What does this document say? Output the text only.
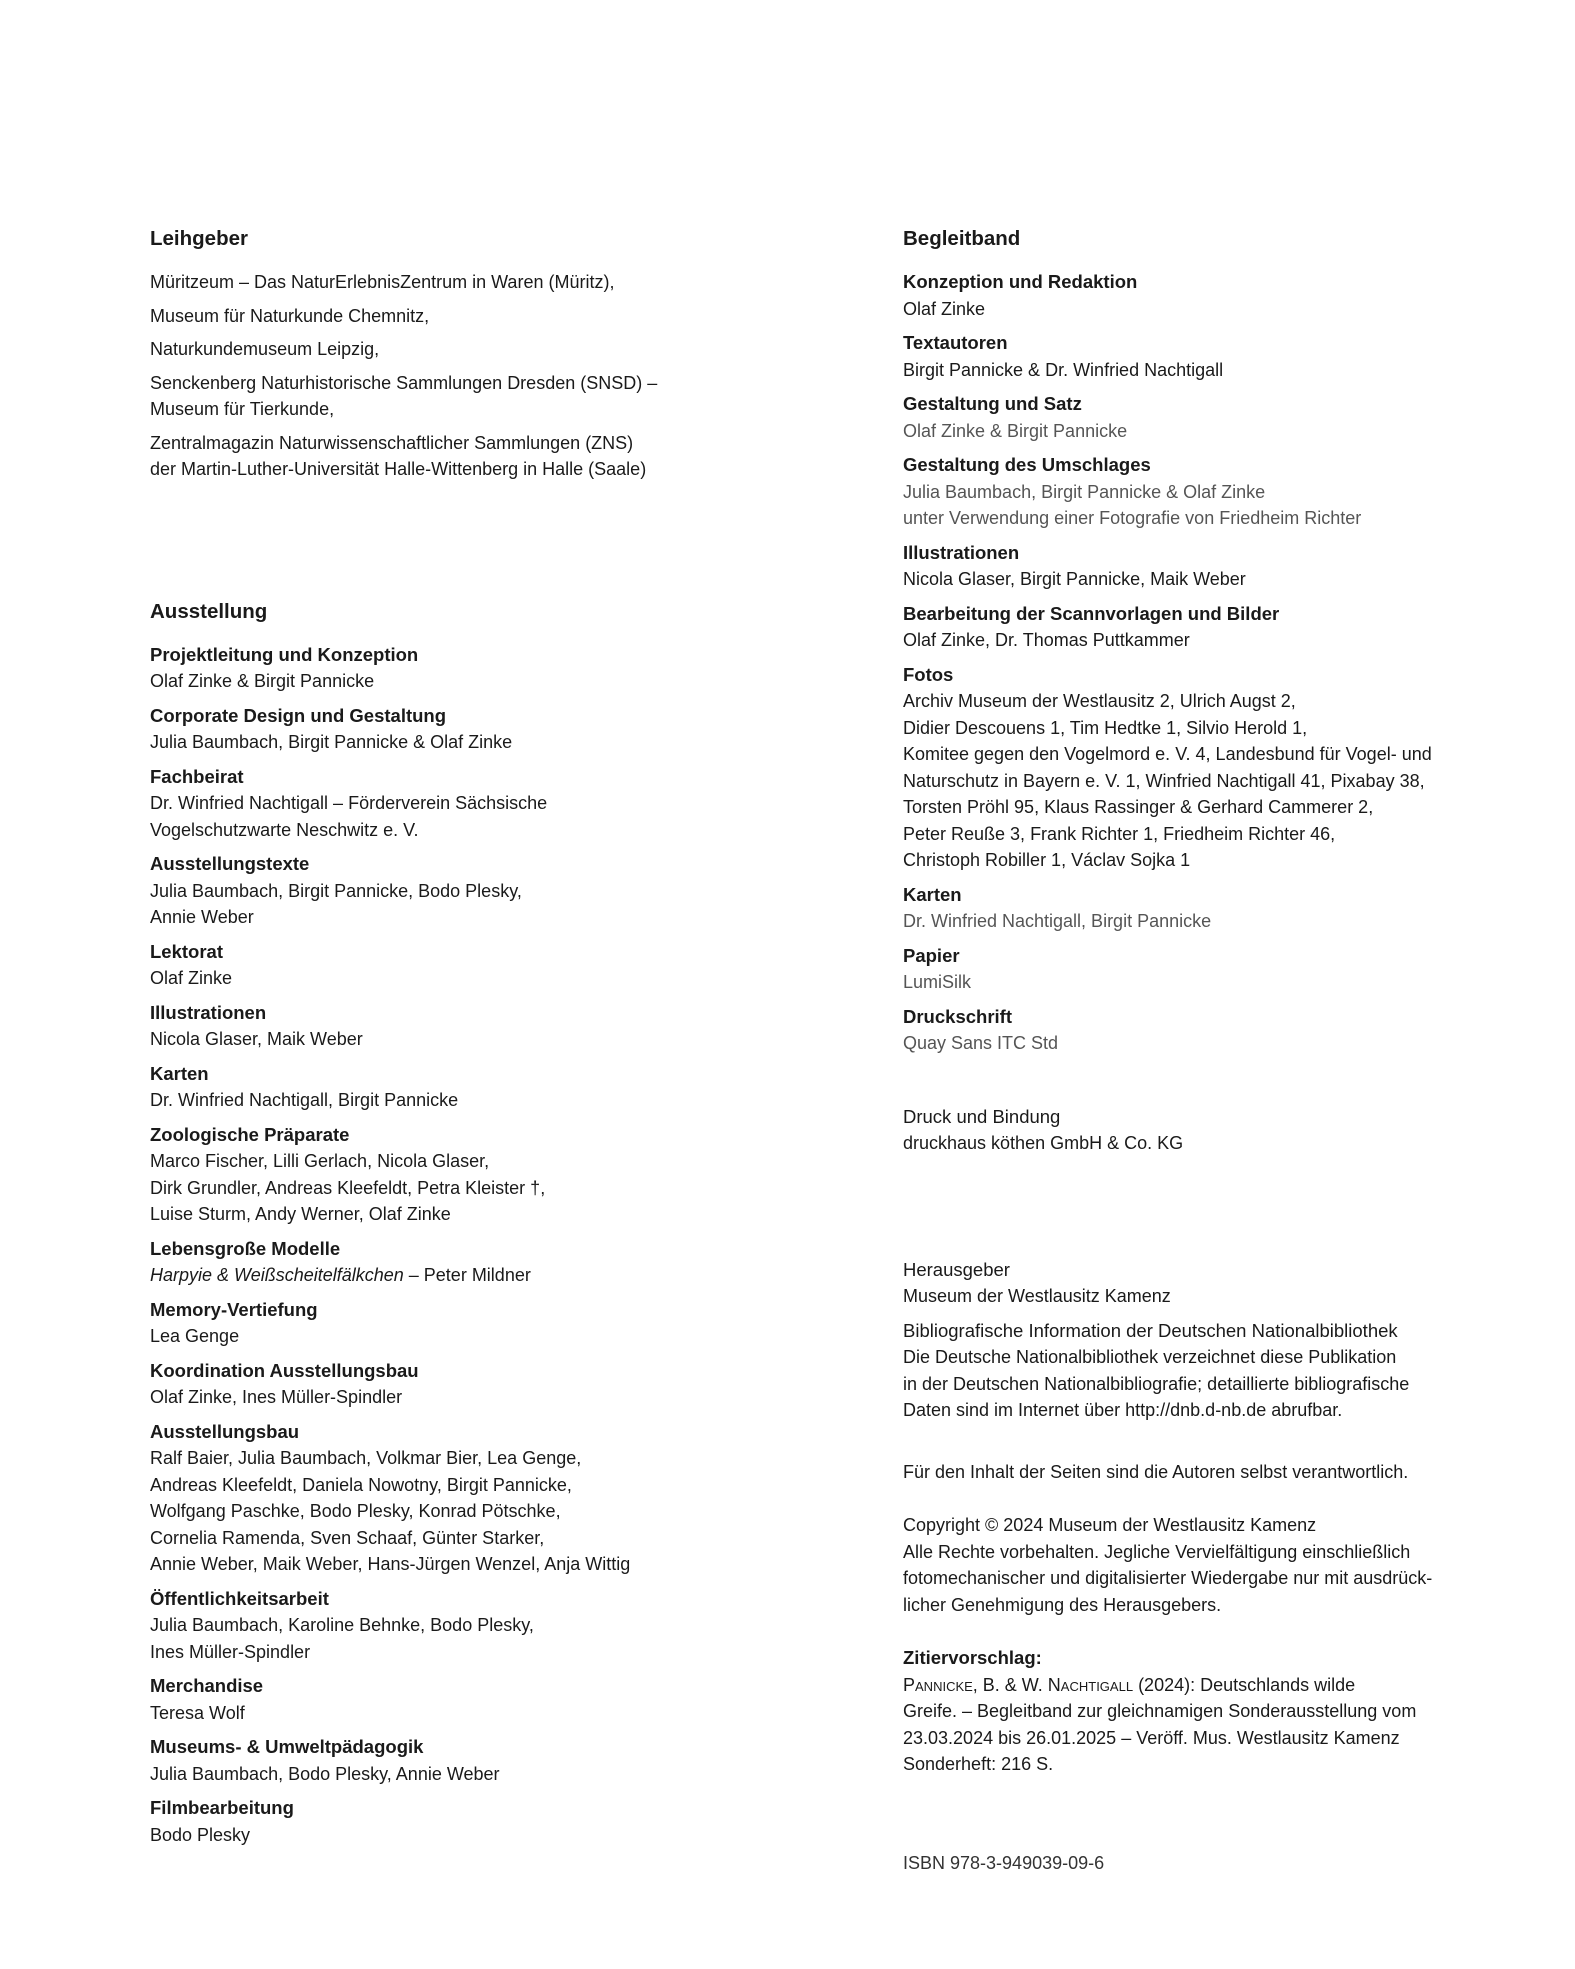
Leihgeber
Müritzeum – Das NaturErlebnisZentrum in Waren (Müritz),
Museum für Naturkunde Chemnitz,
Naturkundemuseum Leipzig,
Senckenberg Naturhistorische Sammlungen Dresden (SNSD) –
Museum für Tierkunde,
Zentralmagazin Naturwissenschaftlicher Sammlungen (ZNS)
der Martin-Luther-Universität Halle-Wittenberg in Halle (Saale)
Ausstellung
Projektleitung und Konzeption
Olaf Zinke & Birgit Pannicke
Corporate Design und Gestaltung
Julia Baumbach, Birgit Pannicke & Olaf Zinke
Fachbeirat
Dr. Winfried Nachtigall – Förderverein Sächsische
Vogelschutzwarte Neschwitz e. V.
Ausstellungstexte
Julia Baumbach, Birgit Pannicke, Bodo Plesky,
Annie Weber
Lektorat
Olaf Zinke
Illustrationen
Nicola Glaser, Maik Weber
Karten
Dr. Winfried Nachtigall, Birgit Pannicke
Zoologische Präparate
Marco Fischer, Lilli Gerlach, Nicola Glaser,
Dirk Grundler, Andreas Kleefeldt, Petra Kleister †,
Luise Sturm, Andy Werner, Olaf Zinke
Lebensgroße Modelle
Harpyie & Weißscheitelfälkchen – Peter Mildner
Memory-Vertiefung
Lea Genge
Koordination Ausstellungsbau
Olaf Zinke, Ines Müller-Spindler
Ausstellungsbau
Ralf Baier, Julia Baumbach, Volkmar Bier, Lea Genge,
Andreas Kleefeldt, Daniela Nowotny, Birgit Pannicke,
Wolfgang Paschke, Bodo Plesky, Konrad Pötschke,
Cornelia Ramenda, Sven Schaaf, Günter Starker,
Annie Weber, Maik Weber, Hans-Jürgen Wenzel, Anja Wittig
Öffentlichkeitsarbeit
Julia Baumbach, Karoline Behnke, Bodo Plesky,
Ines Müller-Spindler
Merchandise
Teresa Wolf
Museums- & Umweltpädagogik
Julia Baumbach, Bodo Plesky, Annie Weber
Filmbearbeitung
Bodo Plesky
Begleitband
Konzeption und Redaktion
Olaf Zinke
Textautoren
Birgit Pannicke & Dr. Winfried Nachtigall
Gestaltung und Satz
Olaf Zinke & Birgit Pannicke
Gestaltung des Umschlages
Julia Baumbach, Birgit Pannicke & Olaf Zinke
unter Verwendung einer Fotografie von Friedheim Richter
Illustrationen
Nicola Glaser, Birgit Pannicke, Maik Weber
Bearbeitung der Scannvorlagen und Bilder
Olaf Zinke, Dr. Thomas Puttkammer
Fotos
Archiv Museum der Westlausitz 2, Ulrich Augst 2,
Didier Descouens 1, Tim Hedtke 1, Silvio Herold 1,
Komitee gegen den Vogelmord e. V. 4, Landesbund für Vogel- und
Naturschutz in Bayern e. V. 1, Winfried Nachtigall 41, Pixabay 38,
Torsten Pröhl 95, Klaus Rassinger & Gerhard Cammerer 2,
Peter Reuße 3, Frank Richter 1, Friedheim Richter 46,
Christoph Robiller 1, Václav Sojka 1
Karten
Dr. Winfried Nachtigall, Birgit Pannicke
Papier
LumiSilk
Druckschrift
Quay Sans ITC Std
Druck und Bindung
druckhaus köthen GmbH & Co. KG
Herausgeber
Museum der Westlausitz Kamenz
Bibliografische Information der Deutschen Nationalbibliothek
Die Deutsche Nationalbibliothek verzeichnet diese Publikation
in der Deutschen Nationalbibliografie; detaillierte bibliografische
Daten sind im Internet über http://dnb.d-nb.de abrufbar.

Für den Inhalt der Seiten sind die Autoren selbst verantwortlich.

Copyright © 2024 Museum der Westlausitz Kamenz
Alle Rechte vorbehalten. Jegliche Vervielfältigung einschließlich
fotomechanischer und digitalisierter Wiedergabe nur mit ausdrück-
licher Genehmigung des Herausgebers.
Zitiervorschlag:
Pannicke, B. & W. Nachtigall (2024): Deutschlands wilde
Greife. – Begleitband zur gleichnamigen Sonderausstellung vom
23.03.2024 bis 26.01.2025 – Veröff. Mus. Westlausitz Kamenz
Sonderheft: 216 S.
ISBN 978-3-949039-09-6
